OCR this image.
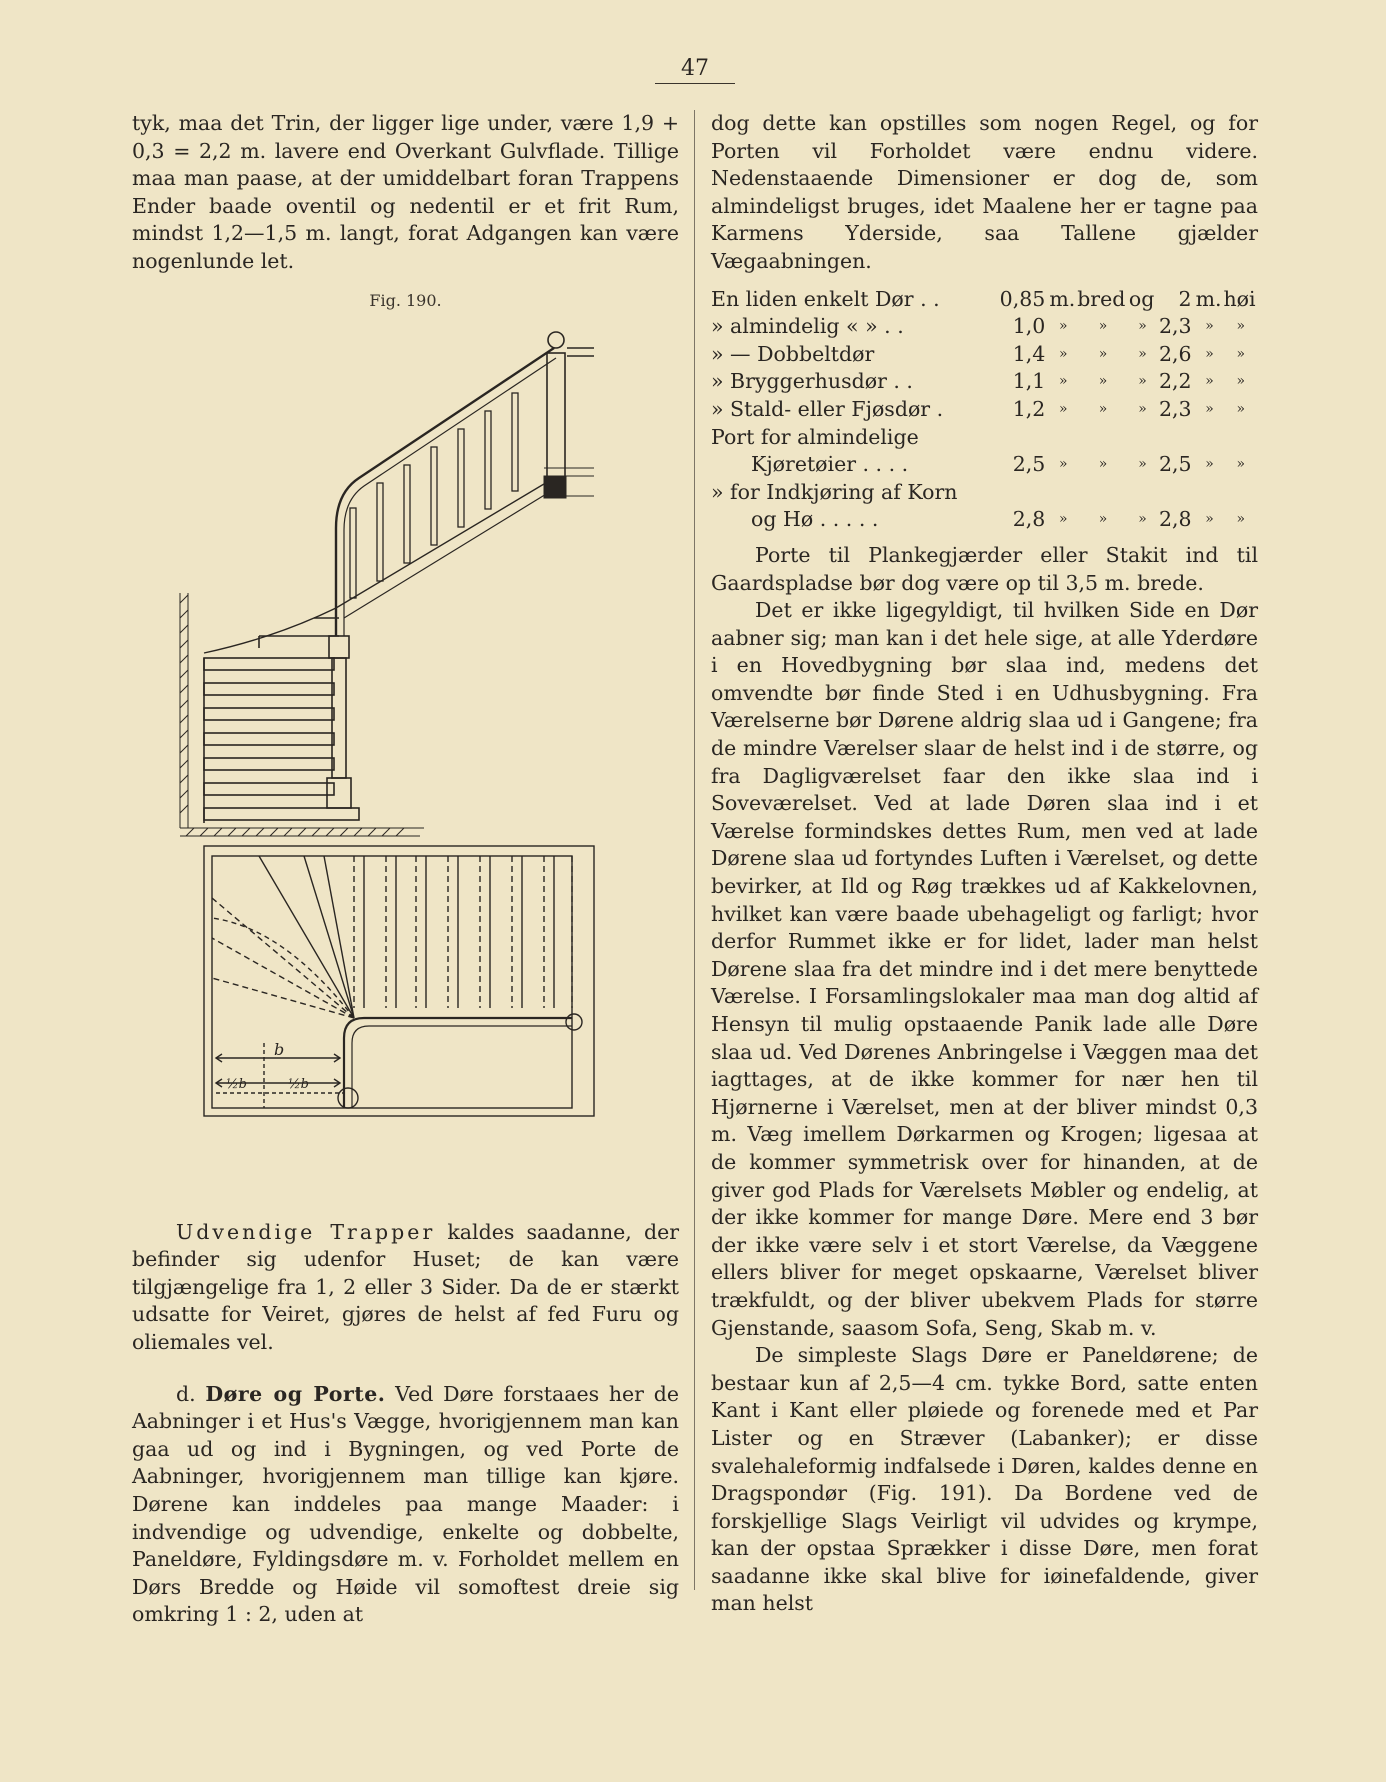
47

tyk, maa det Trin, der ligger lige under, være 1,9 + 0,3 = 2,2 m. lavere end Overkant Gulvflade. Tillige maa man paase, at der umiddelbart foran Trappens Ender baade oventil og nedentil er et frit Rum, mindst 1,2—1,5 m. langt, forat Adgangen kan være nogenlunde let.

Fig. 190.
b
½b	½b

Udvendige Trapper kaldes saadanne, der befinder sig udenfor Huset; de kan være tilgjængelige fra 1, 2 eller 3 Sider. Da de er stærkt udsatte for Veiret, gjøres de helst af fed Furu og oliemales vel.

d. Døre og Porte. Ved Døre forstaaes her de Aabninger i et Hus's Vægge, hvorigjennem man kan gaa ud og ind i Bygningen, og ved Porte de Aabninger, hvorigjennem man tillige kan kjøre. Dørene kan inddeles paa mange Maader: i indvendige og udvendige, enkelte og dobbelte, Paneldøre, Fyldingsdøre m. v. Forholdet mellem en Dørs Bredde og Høide vil somoftest dreie sig omkring 1 : 2, uden at

dog dette kan opstilles som nogen Regel, og for Porten vil Forholdet være endnu videre. Nedenstaaende Dimensioner er dog de, som almindeligst bruges, idet Maalene her er tagne paa Karmens Yderside, saa Tallene gjælder Vægaabningen.

En liden enkelt Dør . .	0,85	m.	bred	og	2	m.	høi
» almindelig « » . .	1,0	»	»	»	2,3	»	»
» — Dobbeltdør	1,4	»	»	»	2,6	»	»
» Bryggerhusdør . .	1,1	»	»	»	2,2	»	»
» Stald- eller Fjøsdør .	1,2	»	»	»	2,3	»	»
Port for almindelige							
Kjøretøier . . . .	2,5	»	»	»	2,5	»	»
» for Indkjøring af Korn							
og Hø . . . . .	2,8	»	»	»	2,8	»	»

Porte til Plankegjærder eller Stakit ind til Gaardspladse bør dog være op til 3,5 m. brede.

Det er ikke ligegyldigt, til hvilken Side en Dør aabner sig; man kan i det hele sige, at alle Yderdøre i en Hovedbygning bør slaa ind, medens det omvendte bør finde Sted i en Udhusbygning. Fra Værelserne bør Dørene aldrig slaa ud i Gangene; fra de mindre Værelser slaar de helst ind i de større, og fra Dagligværelset faar den ikke slaa ind i Soveværelset. Ved at lade Døren slaa ind i et Værelse formindskes dettes Rum, men ved at lade Dørene slaa ud fortyndes Luften i Værelset, og dette bevirker, at Ild og Røg trækkes ud af Kakkelovnen, hvilket kan være baade ubehageligt og farligt; hvor derfor Rummet ikke er for lidet, lader man helst Dørene slaa fra det mindre ind i det mere benyttede Værelse. I Forsamlingslokaler maa man dog altid af Hensyn til mulig opstaaende Panik lade alle Døre slaa ud. Ved Dørenes Anbringelse i Væggen maa det iagttages, at de ikke kommer for nær hen til Hjørnerne i Værelset, men at der bliver mindst 0,3 m. Væg imellem Dørkarmen og Krogen; ligesaa at de kommer symmetrisk over for hinanden, at de giver god Plads for Værelsets Møbler og endelig, at der ikke kommer for mange Døre. Mere end 3 bør der ikke være selv i et stort Værelse, da Væggene ellers bliver for meget opskaarne, Værelset bliver trækfuldt, og der bliver ubekvem Plads for større Gjenstande, saasom Sofa, Seng, Skab m. v.

De simpleste Slags Døre er Paneldørene; de bestaar kun af 2,5—4 cm. tykke Bord, satte enten Kant i Kant eller pløiede og forenede med et Par Lister og en Stræver (Labanker); er disse svalehaleformig indfalsede i Døren, kaldes denne en Dragspondør (Fig. 191). Da Bordene ved de forskjellige Slags Veirligt vil udvides og krympe, kan der opstaa Sprækker i disse Døre, men forat saadanne ikke skal blive for iøinefaldende, giver man helst
